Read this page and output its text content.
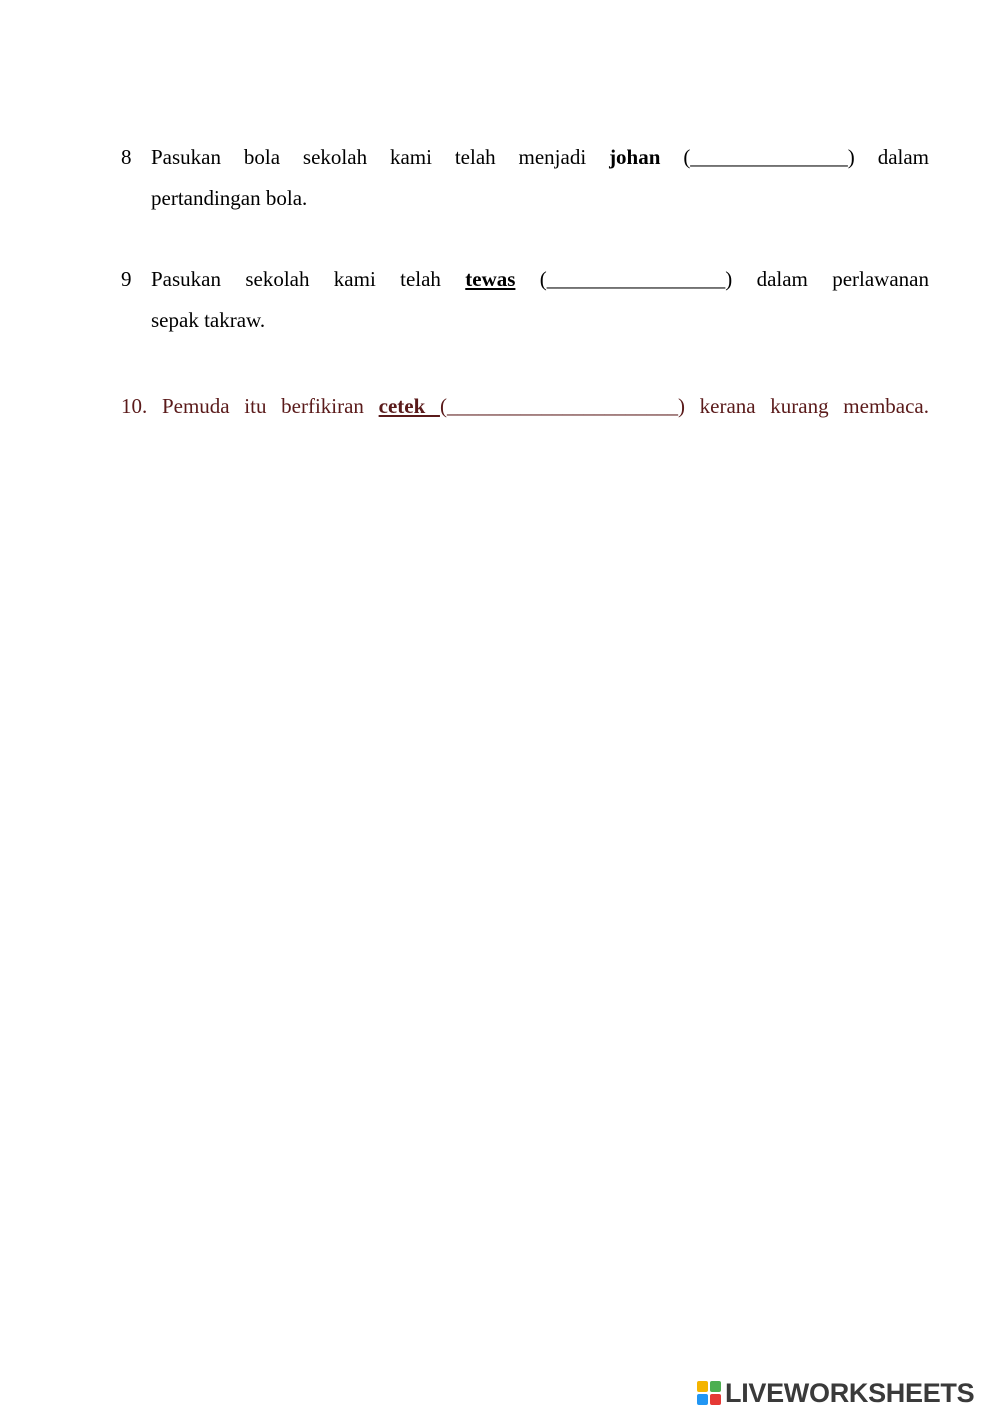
8 Pasukan bola sekolah kami telah menjadi johan (_______________) dalam
pertandingan bola.
9 Pasukan sekolah kami telah tewas (_________________) dalam perlawanan
sepak takraw.
10. Pemuda itu berfikiran cetek (______________________) kerana kurang membaca.
LIVEWORKSHEETS
